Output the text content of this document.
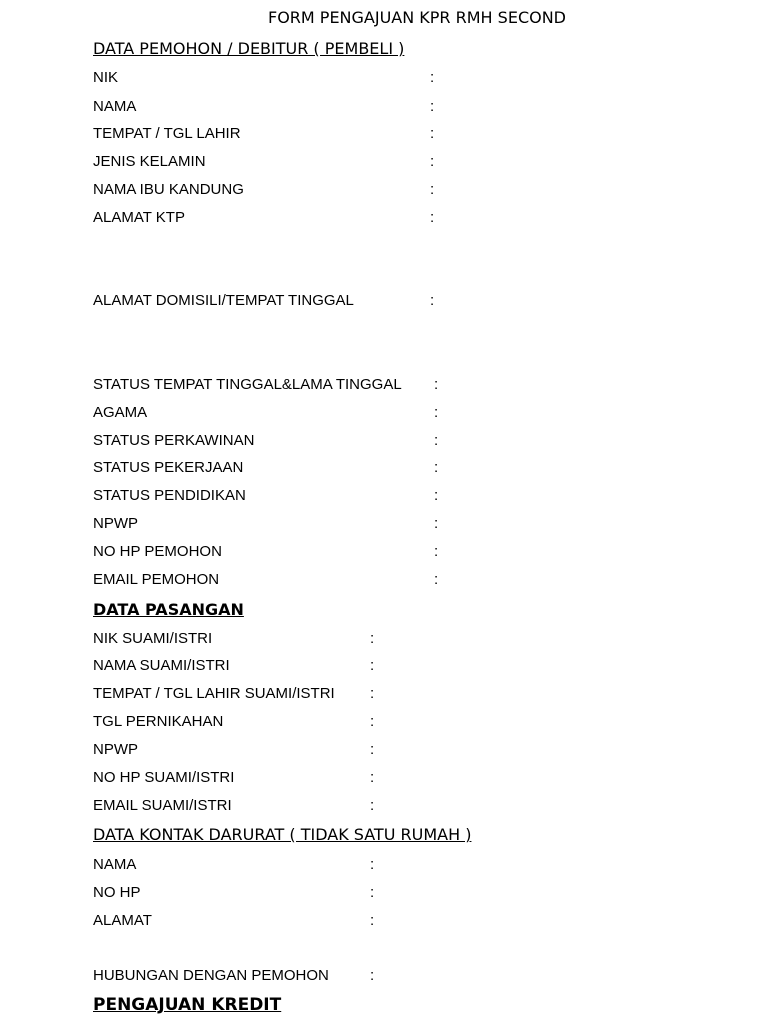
FORM PENGAJUAN KPR RMH SECOND
DATA PEMOHON / DEBITUR ( PEMBELI )
NIK	:
NAMA	:
TEMPAT / TGL LAHIR	:
JENIS KELAMIN	:
NAMA IBU KANDUNG	:
ALAMAT KTP	:
ALAMAT DOMISILI/TEMPAT TINGGAL	:
STATUS TEMPAT TINGGAL&LAMA TINGGAL :
AGAMA	:
STATUS PERKAWINAN	:
STATUS PEKERJAAN	:
STATUS PENDIDIKAN	:
NPWP	:
NO HP PEMOHON	:
EMAIL PEMOHON	:
DATA PASANGAN
NIK SUAMI/ISTRI	:
NAMA SUAMI/ISTRI	:
TEMPAT / TGL LAHIR SUAMI/ISTRI :
TGL PERNIKAHAN	:
NPWP	:
NO HP SUAMI/ISTRI	:
EMAIL SUAMI/ISTRI	:
DATA KONTAK DARURAT ( TIDAK SATU RUMAH )
NAMA	:
NO HP	:
ALAMAT	:
HUBUNGAN DENGAN PEMOHON	:
PENGAJUAN KREDIT
